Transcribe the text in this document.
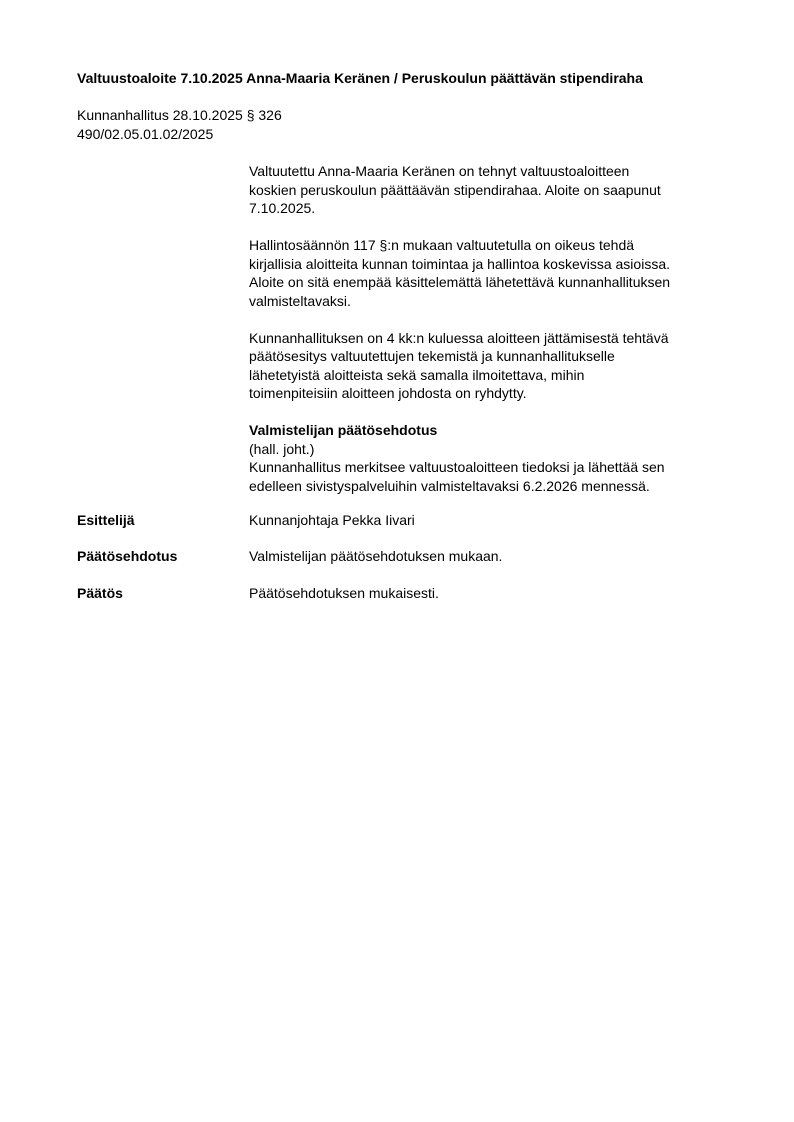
Valtuustoaloite 7.10.2025 Anna-Maaria Keränen / Peruskoulun päättävän stipendiraha
Kunnanhallitus 28.10.2025 § 326
490/02.05.01.02/2025
Valtuutettu Anna-Maaria Keränen on tehnyt valtuustoaloitteen
koskien peruskoulun päättäävän stipendirahaa. Aloite on saapunut
7.10.2025.
Hallintosäännön 117 §:n mukaan valtuutetulla on oikeus tehdä
kirjallisia aloitteita kunnan toimintaa ja hallintoa koskevissa asioissa.
Aloite on sitä enempää käsittelemättä lähetettävä kunnanhallituksen
valmisteltavaksi.
Kunnanhallituksen on 4 kk:n kuluessa aloitteen jättämisestä tehtävä
päätösesitys valtuutettujen tekemistä ja kunnanhallitukselle
lähetetyistä aloitteista sekä samalla ilmoitettava, mihin
toimenpiteisiin aloitteen johdosta on ryhdytty.
Valmistelijan päätösehdotus
(hall. joht.)
Kunnanhallitus merkitsee valtuustoaloitteen tiedoksi ja lähettää sen
edelleen sivistyspalveluihin valmisteltavaksi 6.2.2026 mennessä.
Esittelijä	Kunnanjohtaja Pekka Iivari
Päätösehdotus	Valmistelijan päätösehdotuksen mukaan.
Päätös	Päätösehdotuksen mukaisesti.
